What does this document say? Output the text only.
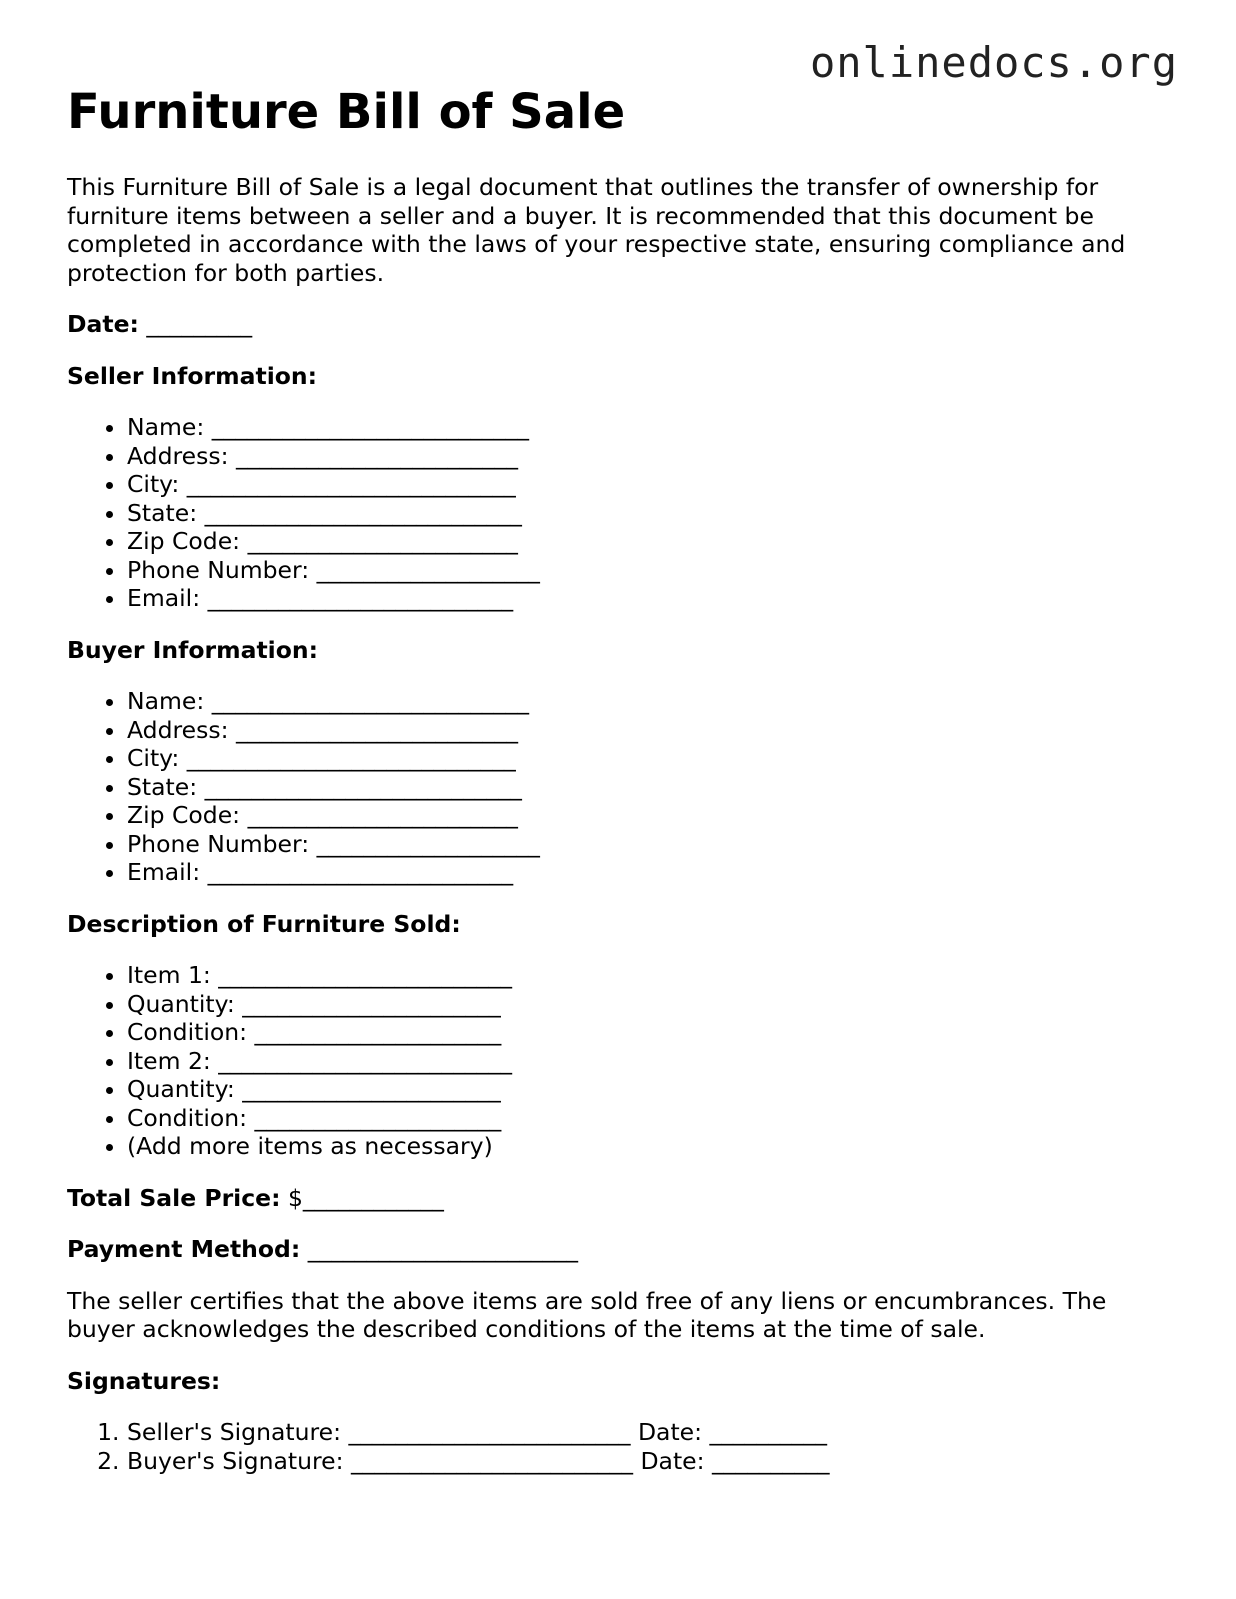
onlinedocs.org
Furniture Bill of Sale

This Furniture Bill of Sale is a legal document that outlines the transfer of ownership for furniture items between a seller and a buyer. It is recommended that this document be completed in accordance with the laws of your respective state, ensuring compliance and protection for both parties.

Date: _________

Seller Information:

• Name: ___________________________
• Address: ________________________
• City: ____________________________
• State: ___________________________
• Zip Code: _______________________
• Phone Number: ___________________
• Email: __________________________

Buyer Information:

• Name: ___________________________
• Address: ________________________
• City: ____________________________
• State: ___________________________
• Zip Code: _______________________
• Phone Number: ___________________
• Email: __________________________

Description of Furniture Sold:

• Item 1: _________________________
• Quantity: ______________________
• Condition: _____________________
• Item 2: _________________________
• Quantity: ______________________
• Condition: _____________________
• (Add more items as necessary)

Total Sale Price: $____________

Payment Method: _______________________

The seller certifies that the above items are sold free of any liens or encumbrances. The buyer acknowledges the described conditions of the items at the time of sale.

Signatures:

1. Seller's Signature: ________________________ Date: __________
2. Buyer's Signature: ________________________ Date: __________
